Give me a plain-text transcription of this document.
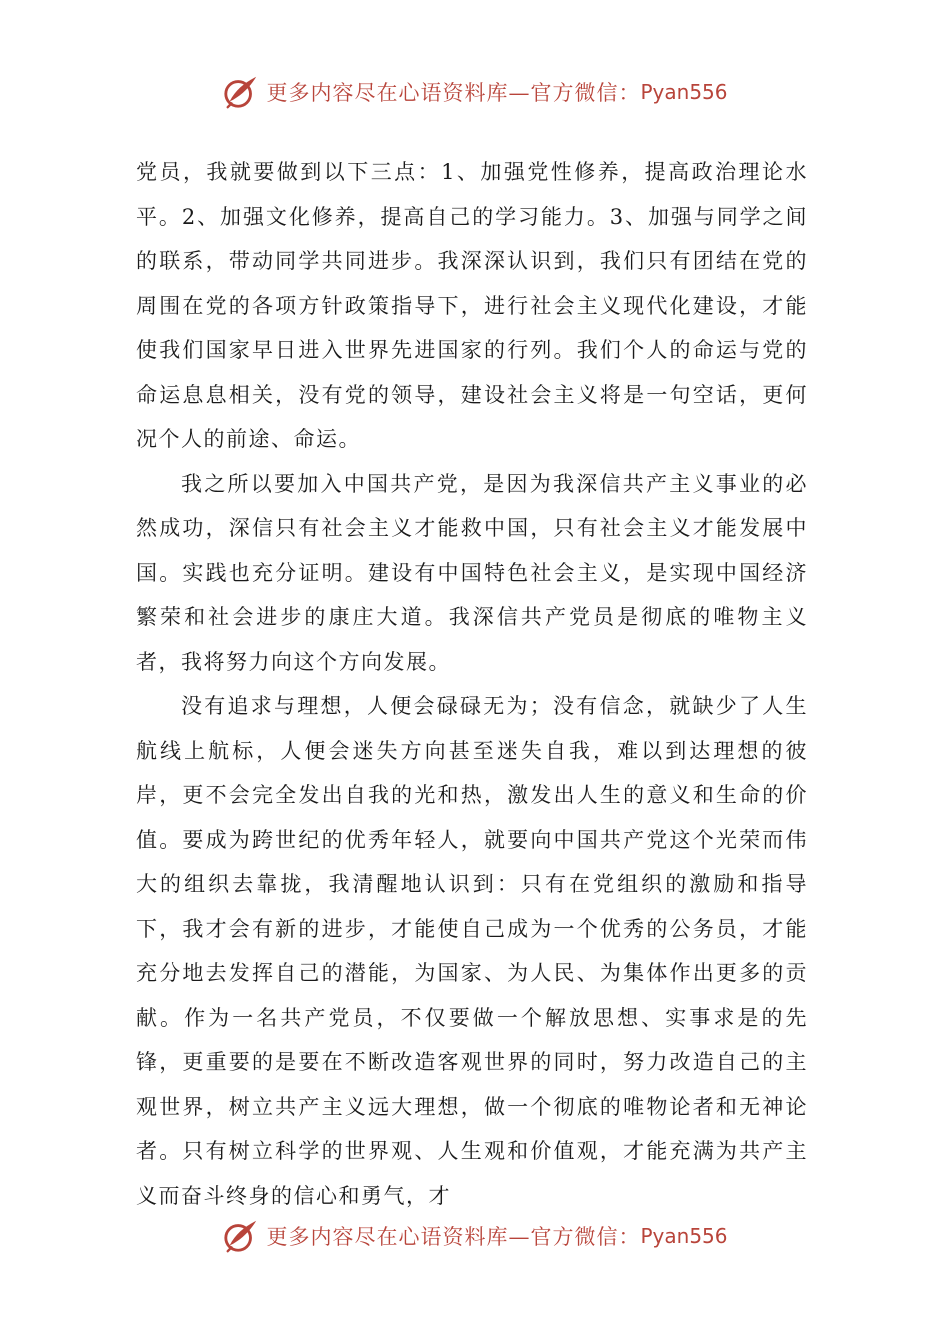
更多内容尽在心语资料库—官方微信： Pyan556

党员，我就要做到以下三点：1、加强党性修养，提高政治理论水平。2、加强文化修养，提高自己的学习能力。3、加强与同学之间的联系，带动同学共同进步。我深深认识到，我们只有团结在党的周围在党的各项方针政策指导下，进行社会主义现代化建设，才能使我们国家早日进入世界先进国家的行列。我们个人的命运与党的命运息息相关，没有党的领导，建设社会主义将是一句空话，更何况个人的前途、命运。

我之所以要加入中国共产党，是因为我深信共产主义事业的必然成功，深信只有社会主义才能救中国，只有社会主义才能发展中国。实践也充分证明。建设有中国特色社会主义，是实现中国经济繁荣和社会进步的康庄大道。我深信共产党员是彻底的唯物主义者，我将努力向这个方向发展。

没有追求与理想，人便会碌碌无为；没有信念，就缺少了人生航线上航标，人便会迷失方向甚至迷失自我，难以到达理想的彼岸，更不会完全发出自我的光和热，激发出人生的意义和生命的价值。要成为跨世纪的优秀年轻人，就要向中国共产党这个光荣而伟大的组织去靠拢，我清醒地认识到：只有在党组织的激励和指导下，我才会有新的进步，才能使自己成为一个优秀的公务员，才能充分地去发挥自己的潜能，为国家、为人民、为集体作出更多的贡献。作为一名共产党员，不仅要做一个解放思想、实事求是的先锋，更重要的是要在不断改造客观世界的同时，努力改造自己的主观世界，树立共产主义远大理想，做一个彻底的唯物论者和无神论者。只有树立科学的世界观、人生观和价值观，才能充满为共产主义而奋斗终身的信心和勇气，才

更多内容尽在心语资料库—官方微信： Pyan556
